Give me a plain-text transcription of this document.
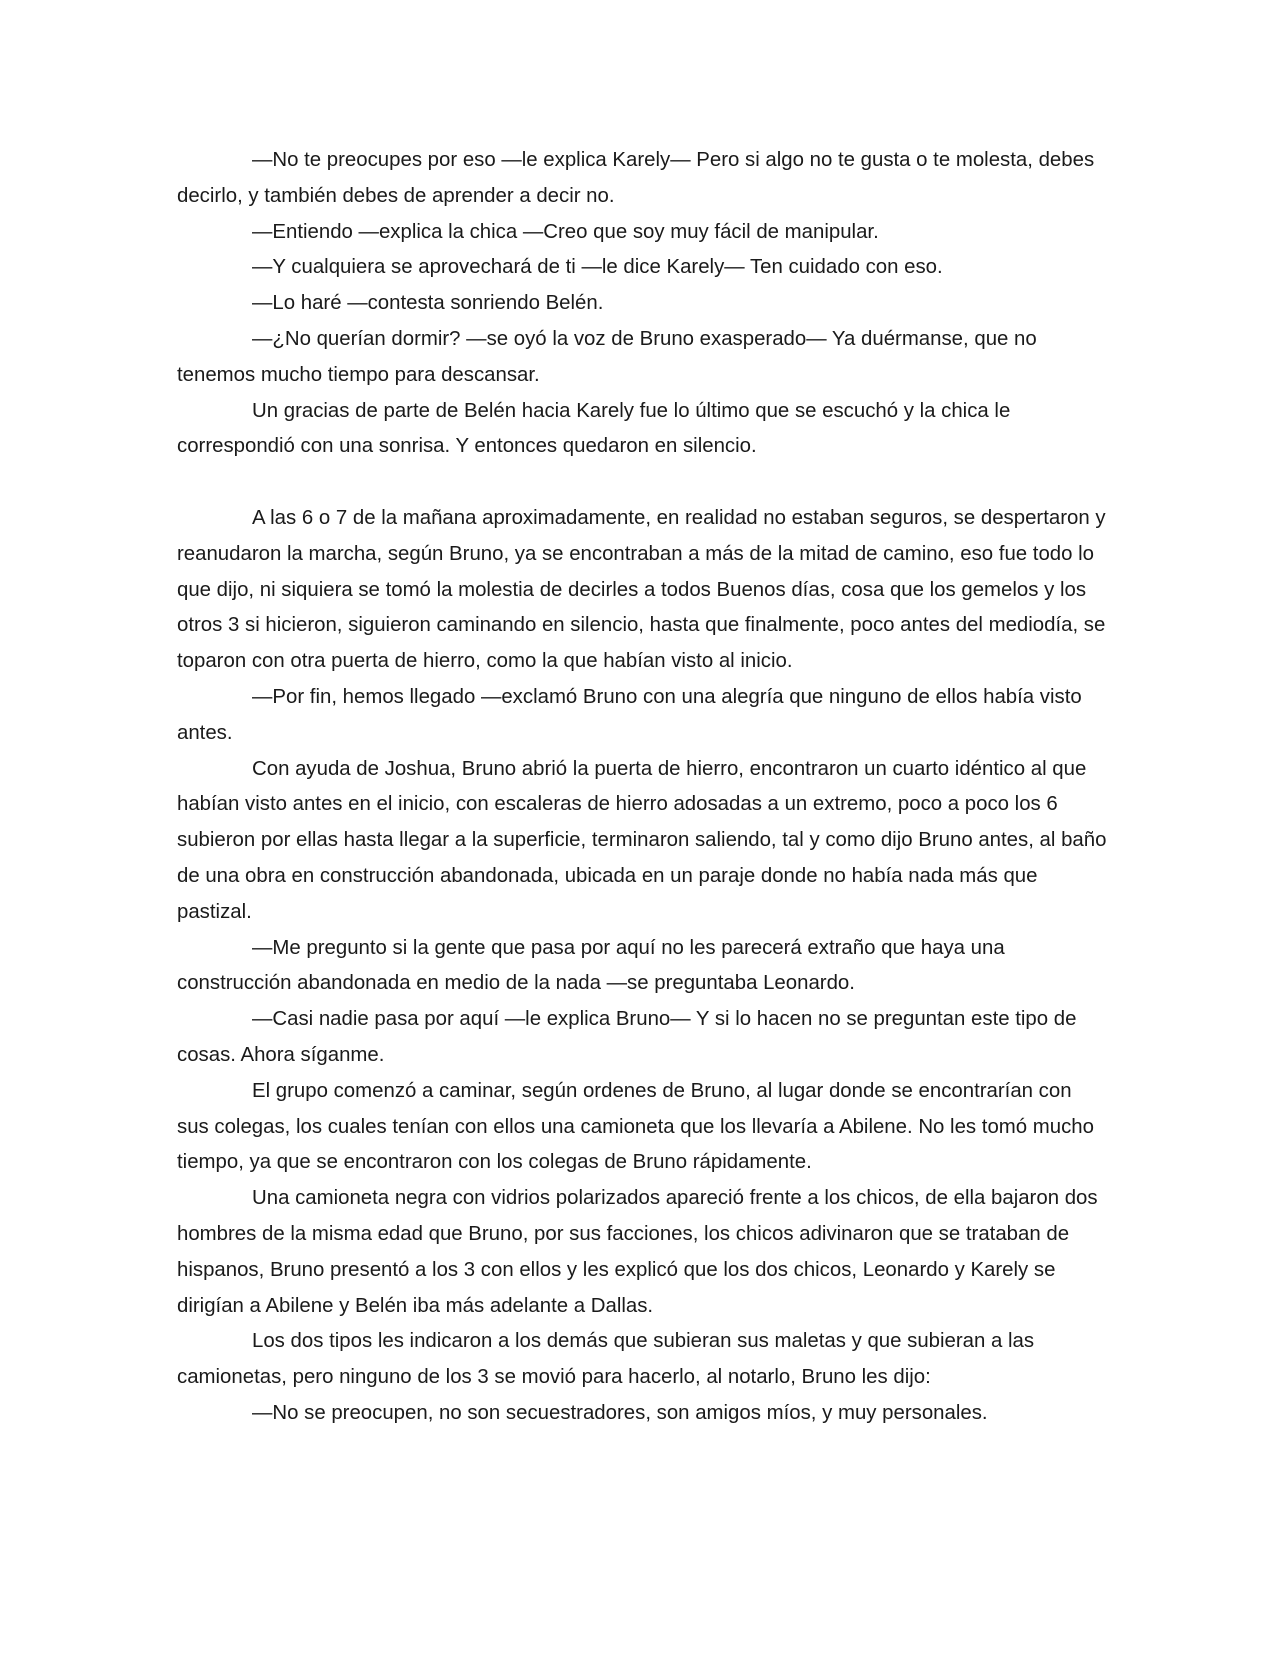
—No te preocupes por eso —le explica Karely— Pero si algo no te gusta o te molesta, debes decirlo, y también debes de aprender a decir no.

—Entiendo —explica la chica —Creo que soy muy fácil de manipular.

—Y cualquiera se aprovechará de ti —le dice Karely— Ten cuidado con eso.

—Lo haré —contesta sonriendo Belén.

—¿No querían dormir? —se oyó la voz de Bruno exasperado— Ya duérmanse, que no tenemos mucho tiempo para descansar.

Un gracias de parte de Belén hacia Karely fue lo último que se escuchó y la chica le correspondió con una sonrisa. Y entonces quedaron en silencio.

A las 6 o 7 de la mañana aproximadamente, en realidad no estaban seguros, se despertaron y reanudaron la marcha, según Bruno, ya se encontraban a más de la mitad de camino, eso fue todo lo que dijo, ni siquiera se tomó la molestia de decirles a todos Buenos días, cosa que los gemelos y los otros 3 si hicieron, siguieron caminando en silencio, hasta que finalmente, poco antes del mediodía, se toparon con otra puerta de hierro, como la que habían visto al inicio.

—Por fin, hemos llegado —exclamó Bruno con una alegría que ninguno de ellos había visto antes.

Con ayuda de Joshua, Bruno abrió la puerta de hierro, encontraron un cuarto idéntico al que habían visto antes en el inicio, con escaleras de hierro adosadas a un extremo, poco a poco los 6 subieron por ellas hasta llegar a la superficie, terminaron saliendo, tal y como dijo Bruno antes, al baño de una obra en construcción abandonada, ubicada en un paraje donde no había nada más que pastizal.

—Me pregunto si la gente que pasa por aquí no les parecerá extraño que haya una construcción abandonada en medio de la nada —se preguntaba Leonardo.

—Casi nadie pasa por aquí —le explica Bruno— Y si lo hacen no se preguntan este tipo de cosas. Ahora síganme.

El grupo comenzó a caminar, según ordenes de Bruno, al lugar donde se encontrarían con sus colegas, los cuales tenían con ellos una camioneta que los llevaría a Abilene. No les tomó mucho tiempo, ya que se encontraron con los colegas de Bruno rápidamente.

Una camioneta negra con vidrios polarizados apareció frente a los chicos, de ella bajaron dos hombres de la misma edad que Bruno, por sus facciones, los chicos adivinaron que se trataban de hispanos, Bruno presentó a los 3 con ellos y les explicó que los dos chicos, Leonardo y Karely se dirigían a Abilene y Belén iba más adelante a Dallas.

Los dos tipos les indicaron a los demás que subieran sus maletas y que subieran a las camionetas, pero ninguno de los 3 se movió para hacerlo, al notarlo, Bruno les dijo:

—No se preocupen, no son secuestradores, son amigos míos, y muy personales.
